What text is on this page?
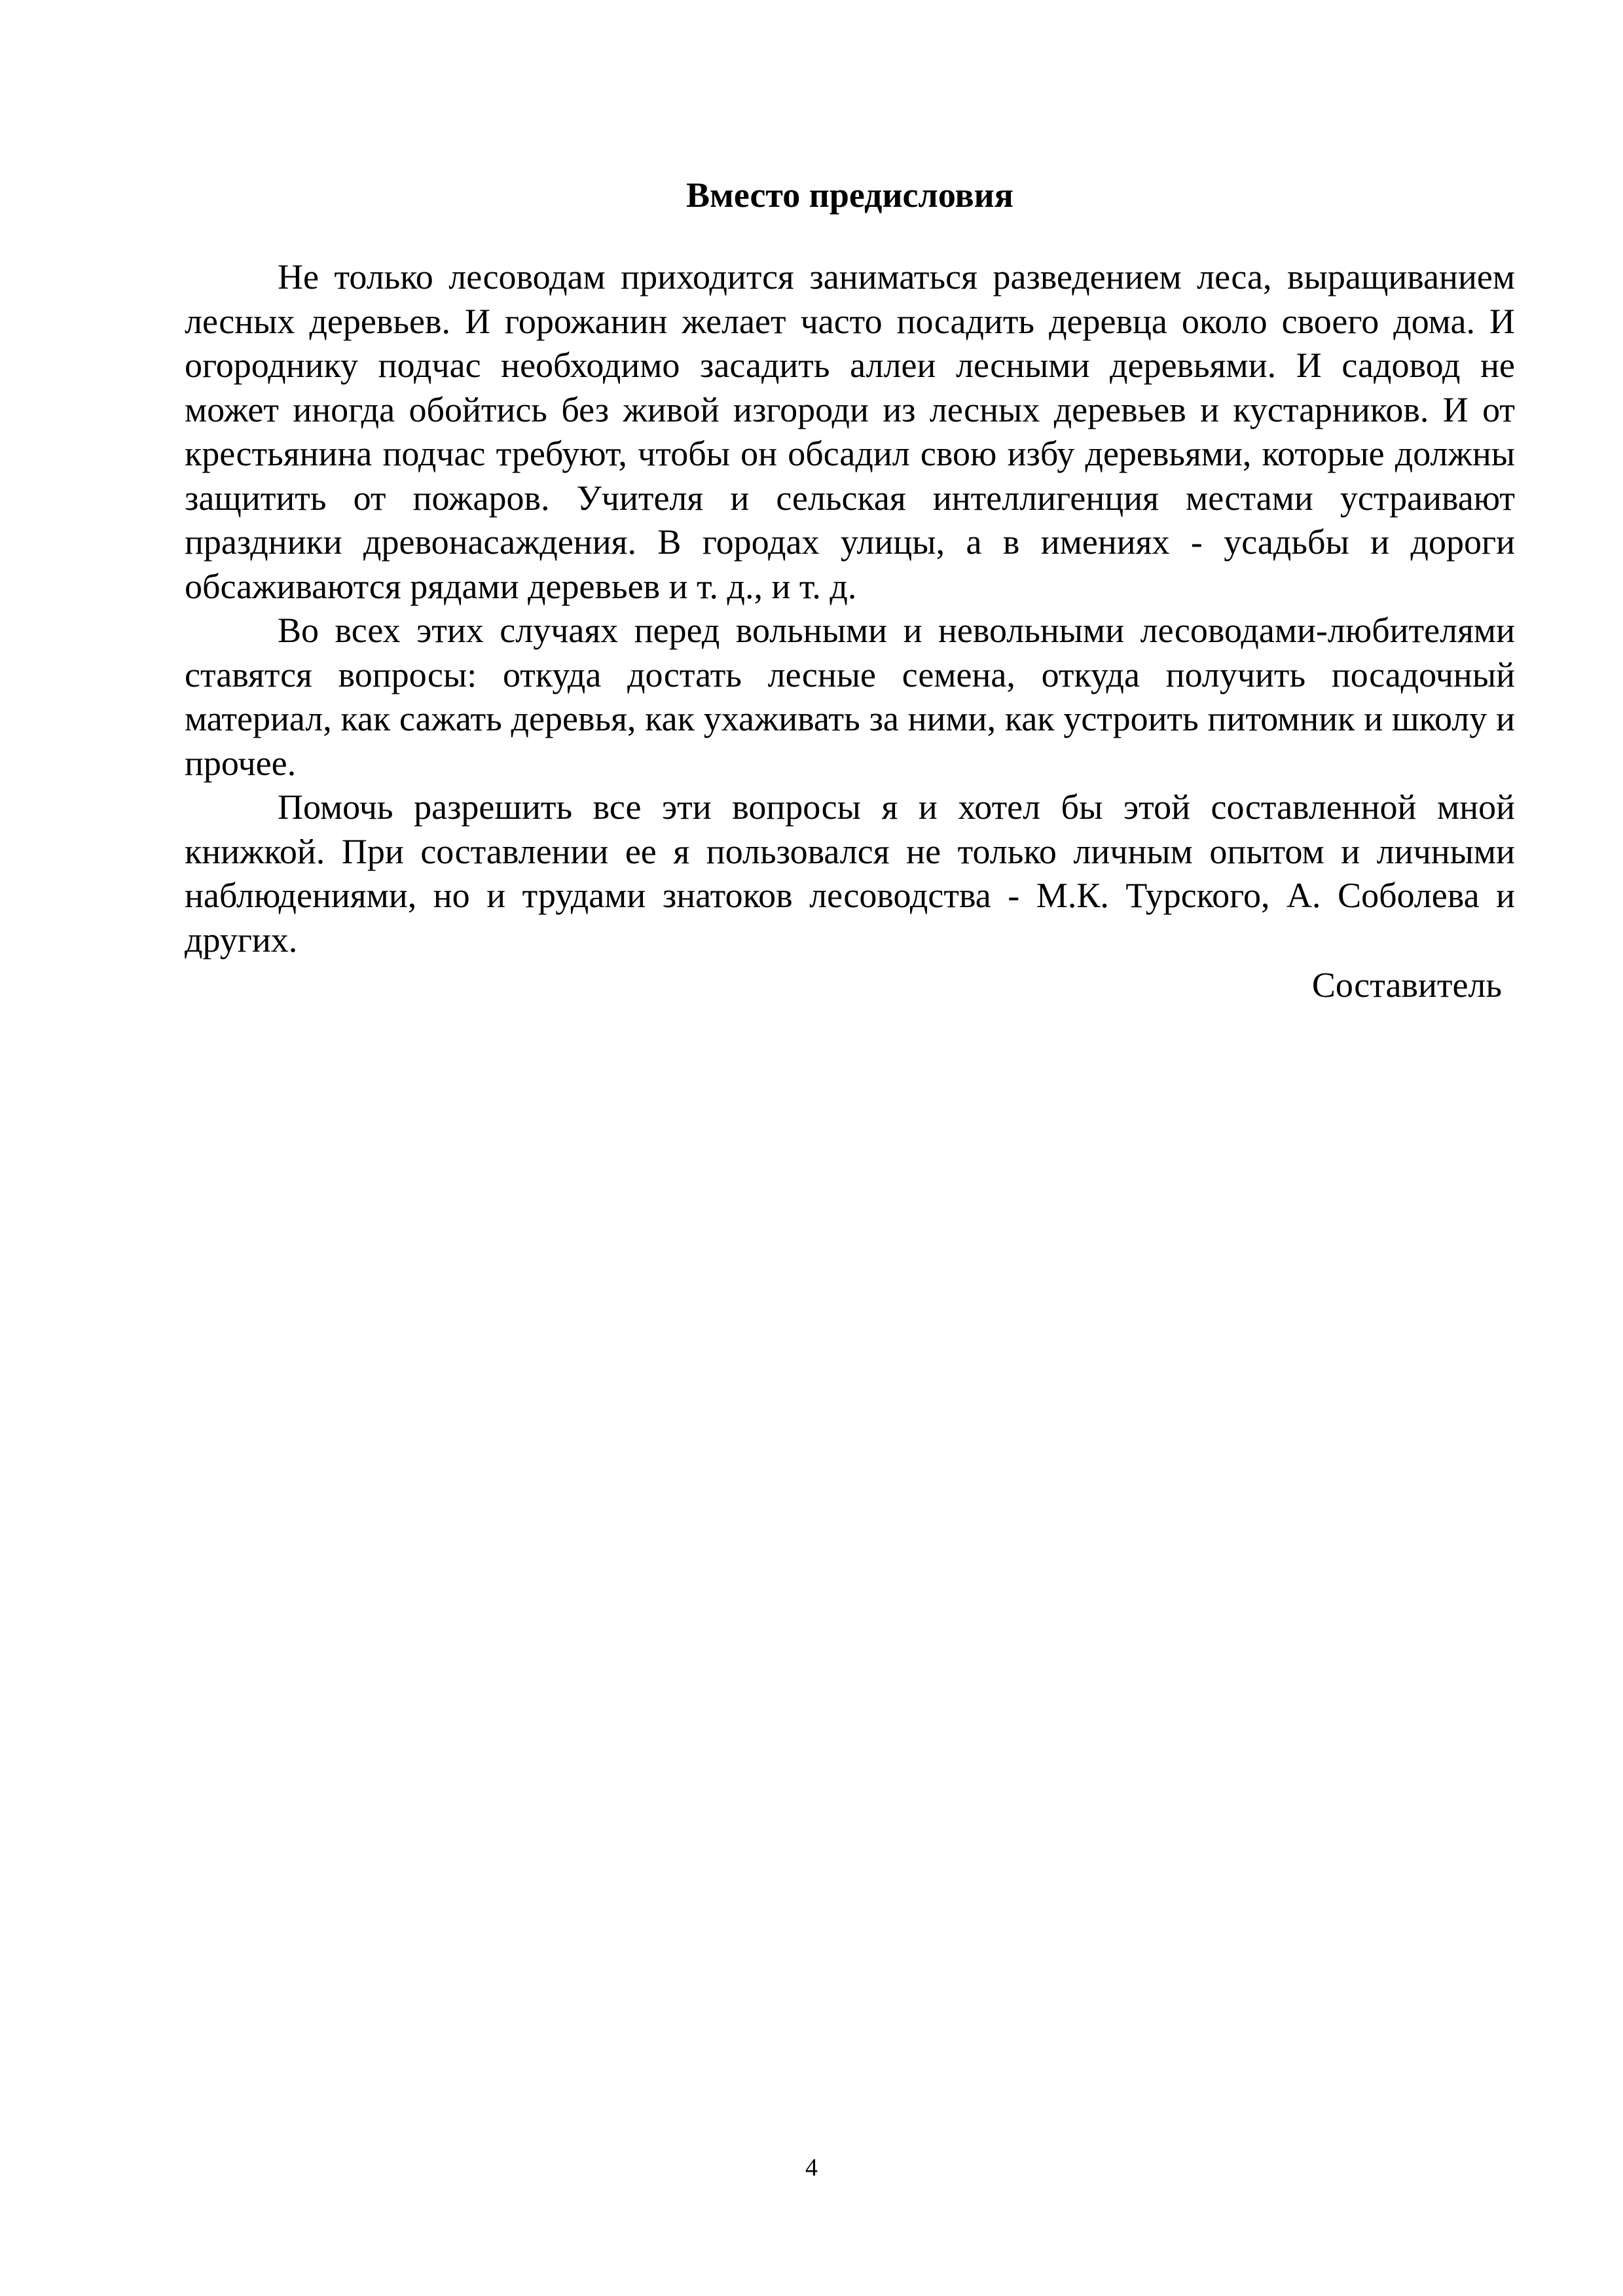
Вместо предисловия

Не только лесоводам приходится заниматься разведением леса, выращиванием лесных деревьев. И горожанин желает часто посадить деревца около своего дома. И огороднику подчас необходимо засадить аллеи лесными деревьями. И садовод не может иногда обойтись без живой изгороди из лесных деревьев и кустарников. И от крестьянина подчас требуют, чтобы он обсадил свою избу деревьями, которые должны защитить от пожаров. Учителя и сельская интеллигенция местами устраивают праздники древонасаждения. В городах улицы, а в имениях - усадьбы и дороги обсаживаются рядами деревьев и т. д., и т. д.

Во всех этих случаях перед вольными и невольными лесоводами-любителями ставятся вопросы: откуда достать лесные семена, откуда получить посадочный материал, как сажать деревья, как ухаживать за ними, как устроить питомник и школу и прочее.

Помочь разрешить все эти вопросы я и хотел бы этой составленной мной книжкой. При составлении ее я пользовался не только личным опытом и личными наблюдениями, но и трудами знатоков лесоводства - М.К. Турского, А. Соболева и других.

Составитель
4
